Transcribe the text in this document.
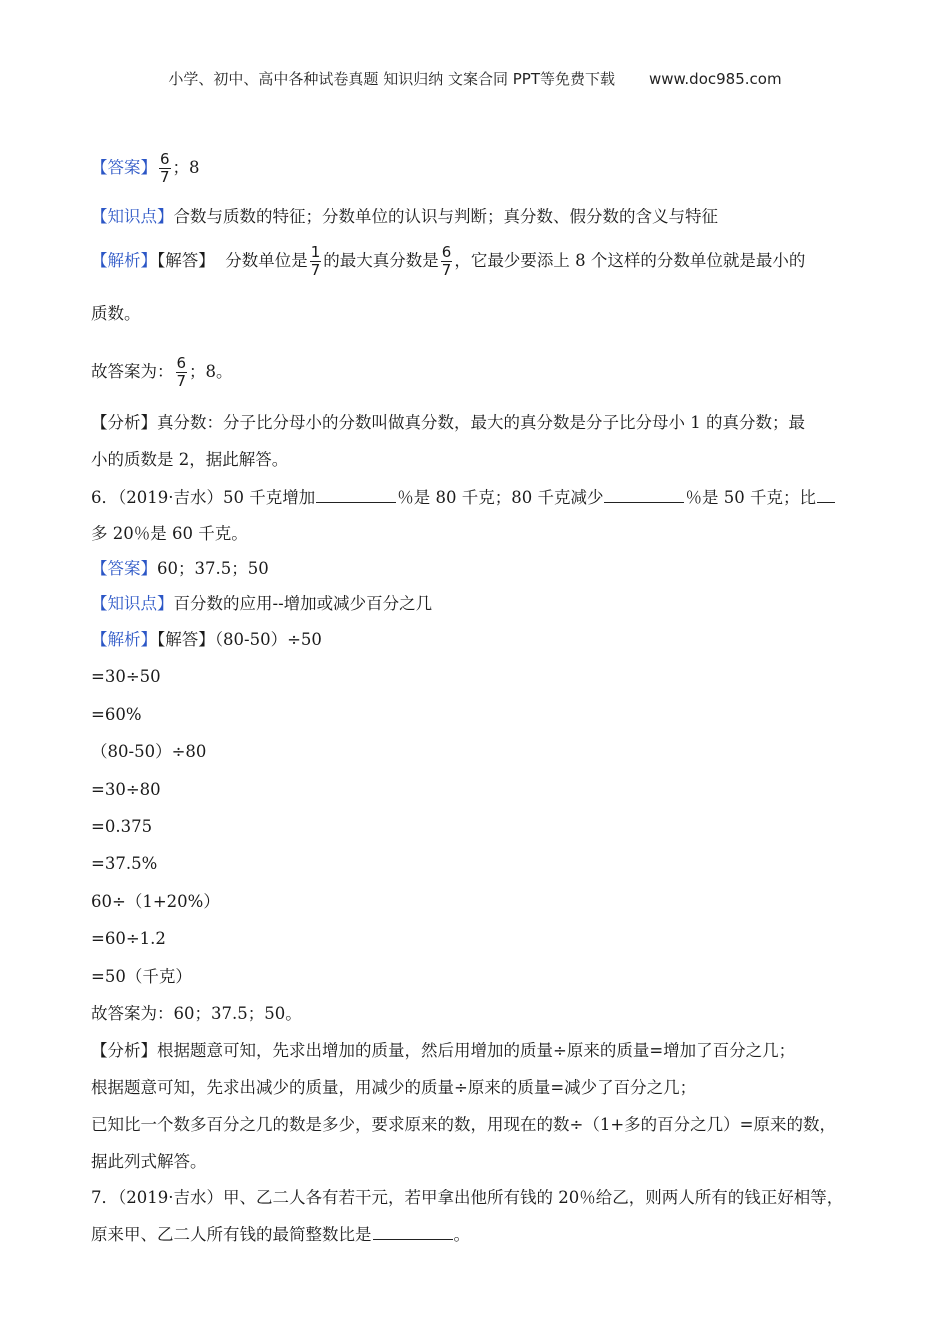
小学、初中、高中各种试卷真题 知识归纳 文案合同 PPT等免费下载 www.doc985.com
【答案】 $\frac{6}{7}$ ；8
【知识点】合数与质数的特征；分数单位的认识与判断；真分数、假分数的含义与特征
【解析】【解答】 分数单位是 $\frac{1}{7}$ 的最大真分数是 $\frac{6}{7}$ ，它最少要添上 8 个这样的分数单位就是最小的
质数。
故答案为： $\frac{6}{7}$ ；8。
【分析】真分数：分子比分母小的分数叫做真分数，最大的真分数是分子比分母小 1 的真分数；最
小的质数是 2，据此解答。
6．（2019·吉水）50 千克增加	％是 80 千克；80 千克减少	％是 50 千克；比
多 20％是 60 千克。
【答案】60；37.5；50
【知识点】百分数的应用--增加或减少百分之几
【解析】【解答】（80-50）÷50
=30÷50
=60%
（80-50）÷80
=30÷80
=0.375
=37.5%
60÷（1+20%）
=60÷1.2
=50（千克）
故答案为：60；37.5；50。
【分析】根据题意可知，先求出增加的质量，然后用增加的质量÷原来的质量=增加了百分之几；
根据题意可知，先求出减少的质量，用减少的质量÷原来的质量=减少了百分之几；
已知比一个数多百分之几的数是多少，要求原来的数，用现在的数÷（1+多的百分之几）=原来的数，
据此列式解答。
7．（2019·吉水）甲、乙二人各有若干元，若甲拿出他所有钱的 20％给乙，则两人所有的钱正好相等，
原来甲、乙二人所有钱的最简整数比是	。
